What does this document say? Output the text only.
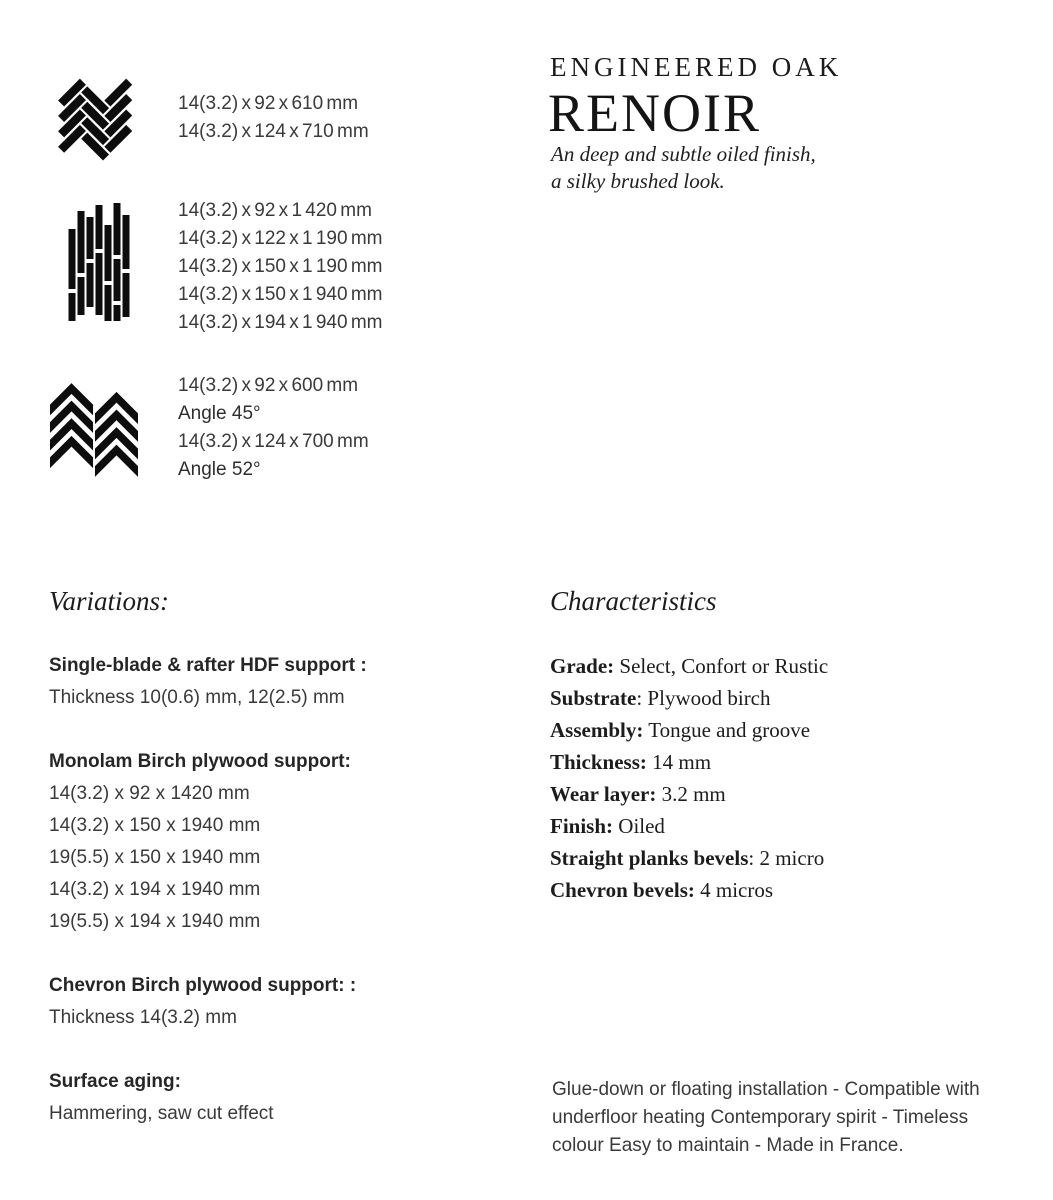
ENGINEERED OAK
RENOIR
An deep and subtle oiled finish,
a silky brushed look.
14(3.2) x 92 x 610 mm
14(3.2) x 124 x 710 mm
14(3.2) x 92 x 1 420 mm
14(3.2) x 122 x 1 190 mm
14(3.2) x 150 x 1 190 mm
14(3.2) x 150 x 1 940 mm
14(3.2) x 194 x 1 940 mm
14(3.2) x 92 x 600 mm
Angle 45°
14(3.2) x 124 x 700 mm
Angle 52°
Variations:
Single-blade & rafter HDF support :
Thickness 10(0.6) mm, 12(2.5) mm
Monolam Birch plywood support:
14(3.2) x 92 x 1420 mm
14(3.2) x 150 x 1940 mm
19(5.5) x 150 x 1940 mm
14(3.2) x 194 x 1940 mm
19(5.5) x 194 x 1940 mm
Chevron Birch plywood support: :
Thickness 14(3.2) mm
Surface aging:
Hammering, saw cut effect
Characteristics
Grade: Select, Confort or Rustic
Substrate: Plywood birch
Assembly: Tongue and groove
Thickness: 14 mm
Wear layer: 3.2 mm
Finish: Oiled
Straight planks bevels: 2 micro
Chevron bevels: 4 micros
Glue-down or floating installation - Compatible with
underfloor heating Contemporary spirit - Timeless
colour Easy to maintain - Made in France.
